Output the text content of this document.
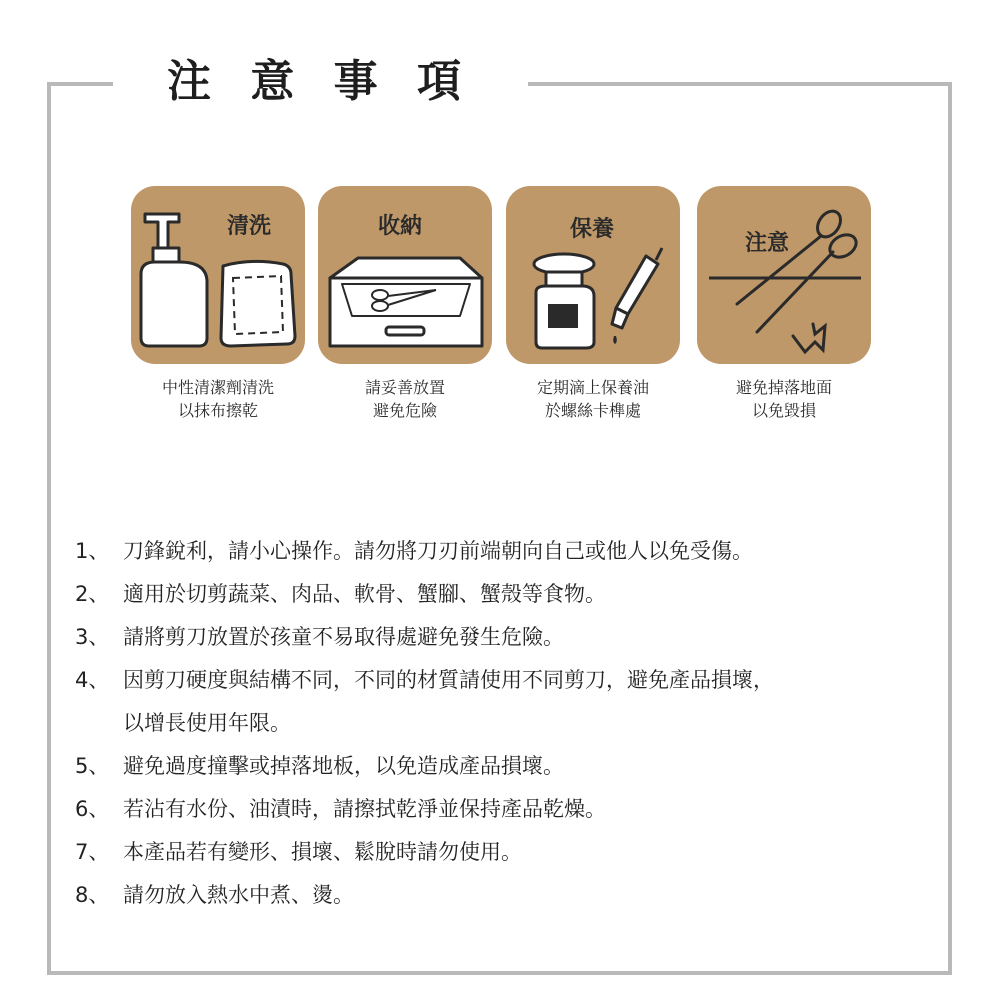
注 意 事 項
清洗
中性清潔劑清洗
以抹布擦乾
收納
請妥善放置
避免危險
保養
定期滴上保養油
於螺絲卡榫處
注意
避免掉落地面
以免毀損
1、 刀鋒銳利，請小心操作。請勿將刀刃前端朝向自己或他人以免受傷。
2、 適用於切剪蔬菜、肉品、軟骨、蟹腳、蟹殼等食物。
3、 請將剪刀放置於孩童不易取得處避免發生危險。
4、 因剪刀硬度與結構不同，不同的材質請使用不同剪刀，避免產品損壞，
以增長使用年限。
5、 避免過度撞擊或掉落地板，以免造成產品損壞。
6、 若沾有水份、油漬時，請擦拭乾淨並保持產品乾燥。
7、 本產品若有變形、損壞、鬆脫時請勿使用。
8、 請勿放入熱水中煮、燙。
